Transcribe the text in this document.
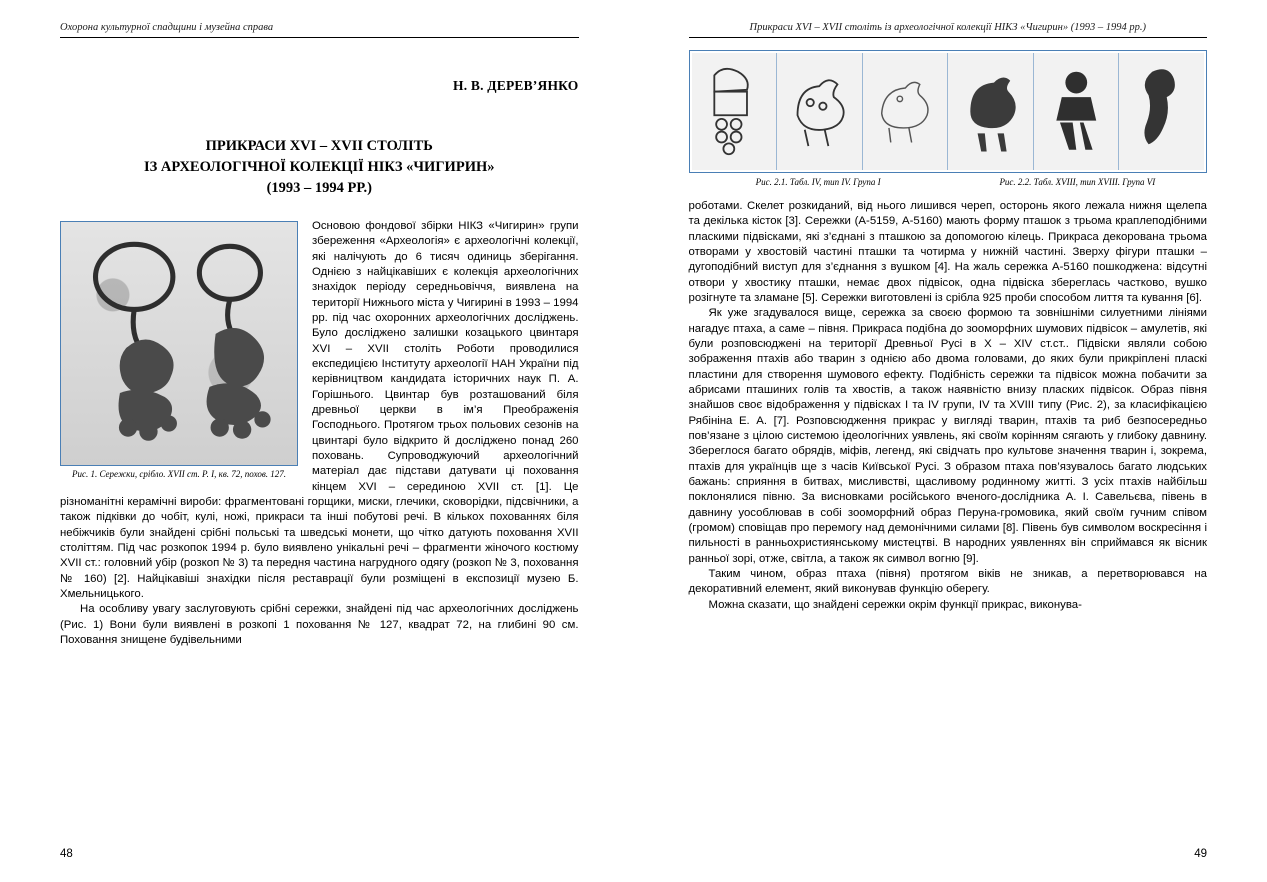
Охорона культурної спадщини і музейна справа
Н. В. ДЕРЕВ’ЯНКО
ПРИКРАСИ XVI – XVII СТОЛІТЬ
ІЗ АРХЕОЛОГІЧНОЇ КОЛЕКЦІЇ НІКЗ «ЧИГИРИН»
(1993 – 1994 РР.)
Рис. 1. Сережки, срібло. XVII ст. Р. І, кв. 72, похов. 127.

Основою фондової збірки НІКЗ «Чигирин» групи збереження «Археологія» є археологічні колекції, які налічують до 6 тисяч одиниць зберігання. Однією з найцікавіших є колекція археологічних знахідок періоду середньовіччя, виявлена на території Нижнього міста у Чигирині в 1993 – 1994 рр. під час охоронних археологічних досліджень. Було досліджено залишки козацького цвинтаря XVI – XVII століть Роботи проводилися експедицією Інституту археології НАН України під керівництвом кандидата історичних наук П. А. Горішнього. Цвинтар був розташований біля древньої церкви в ім’я Преображенія Господнього. Протягом трьох польових сезонів на цвинтарі було відкрито й досліджено понад 260 поховань. Супроводжуючий археологічний матеріал дає підстави датувати ці поховання кінцем XVI – серединою XVII ст. [1]. Це різноманітні керамічні вироби: фрагментовані горщики, миски, глечики, сковорідки, підсвічники, а також підківки до чобіт, кулі, ножі, прикраси та інші побутові речі. В кількох похованнях біля небіжчиків були знайдені срібні польські та шведські монети, що чітко датують поховання XVII століттям. Під час розкопок 1994 р. було виявлено унікальні речі – фрагменти жіночого костюму XVII ст.: головний убір (розкоп № 3) та передня частина нагрудного одягу (розкоп № 3, поховання № 160) [2]. Найцікавіші знахідки після реставрації були розміщені в експозиції музею Б. Хмельницького.

На особливу увагу заслуговують срібні сережки, знайдені під час археологічних досліджень (Рис. 1) Вони були виявлені в розкопі 1 поховання № 127, квадрат 72, на глибині 90 см. Поховання знищене будівельними

48
Прикраси XVI – XVII століть із археологічної колекції НІКЗ «Чигирин» (1993 – 1994 рр.)
Рис. 2.1. Табл. IV, тип IV. Група І	Рис. 2.2. Табл. XVIII, тип XVIII. Група VI

роботами. Скелет розкиданий, від нього лишився череп, осторонь якого лежала нижня щелепа та декілька кісток [3]. Сережки (А-5159, А-5160) мають форму пташок з трьома краплеподібними пласкими підвісками, які з’єднані з пташкою за допомогою кілець. Прикраса декорована трьома отворами у хвостовій частині пташки та чотирма у нижній частині. Зверху фігури пташки – дугоподібний виступ для з’єднання з вушком [4]. На жаль сережка А-5160 пошкоджена: відсутні отвори у хвостику пташки, немає двох підвісок, одна підвіска збереглась частково, вушко розігнуте та зламане [5]. Сережки виготовлені із срібла 925 проби способом лиття та кування [6].

Як уже згадувалося вище, сережка за своєю формою та зовнішніми силуетними лініями нагадує птаха, а саме – півня. Прикраса подібна до зооморфних шумових підвісок – амулетів, які були розповсюджені на території Древньої Русі в X – XIV ст.ст.. Підвіски являли собою зображення птахів або тварин з однією або двома головами, до яких були прикріплені пласкі пластини для створення шумового ефекту. Подібність сережки та підвісок можна побачити за абрисами пташиних голів та хвостів, а також наявністю внизу пласких підвісок. Образ півня знайшов своє відображення у підвісках І та IV групи, IV та XVIII типу (Рис. 2), за класифікацією Рябініна Е. А. [7]. Розповсюдження прикрас у вигляді тварин, птахів та риб безпосередньо пов’язане з цілою системою ідеологічних уявлень, які своїм корінням сягають у глибоку давнину. Збереглося багато обрядів, міфів, легенд, які свідчать про культове значення тварин і, зокрема, птахів для українців ще з часів Київської Русі. З образом птаха пов’язувалось багато людських бажань: сприяння в битвах, мисливстві, щасливому родинному житті. З усіх птахів найбільш поклонялися півню. За висновками російського вченого-дослідника А. І. Савельєва, півень в давнину уособлював в собі зооморфний образ Перуна-громовика, який своїм гучним співом (громом) сповіщав про перемогу над демонічними силами [8]. Півень був символом воскресіння і пильності в ранньохристиянському мистецтві. В народних уявленнях він сприймався як вісник ранньої зорі, отже, світла, а також як символ вогню [9].

Таким чином, образ птаха (півня) протягом віків не зникав, а перетворювався на декоративний елемент, який виконував функцію оберегу.

Можна сказати, що знайдені сережки окрім функції прикрас, виконува-

49
